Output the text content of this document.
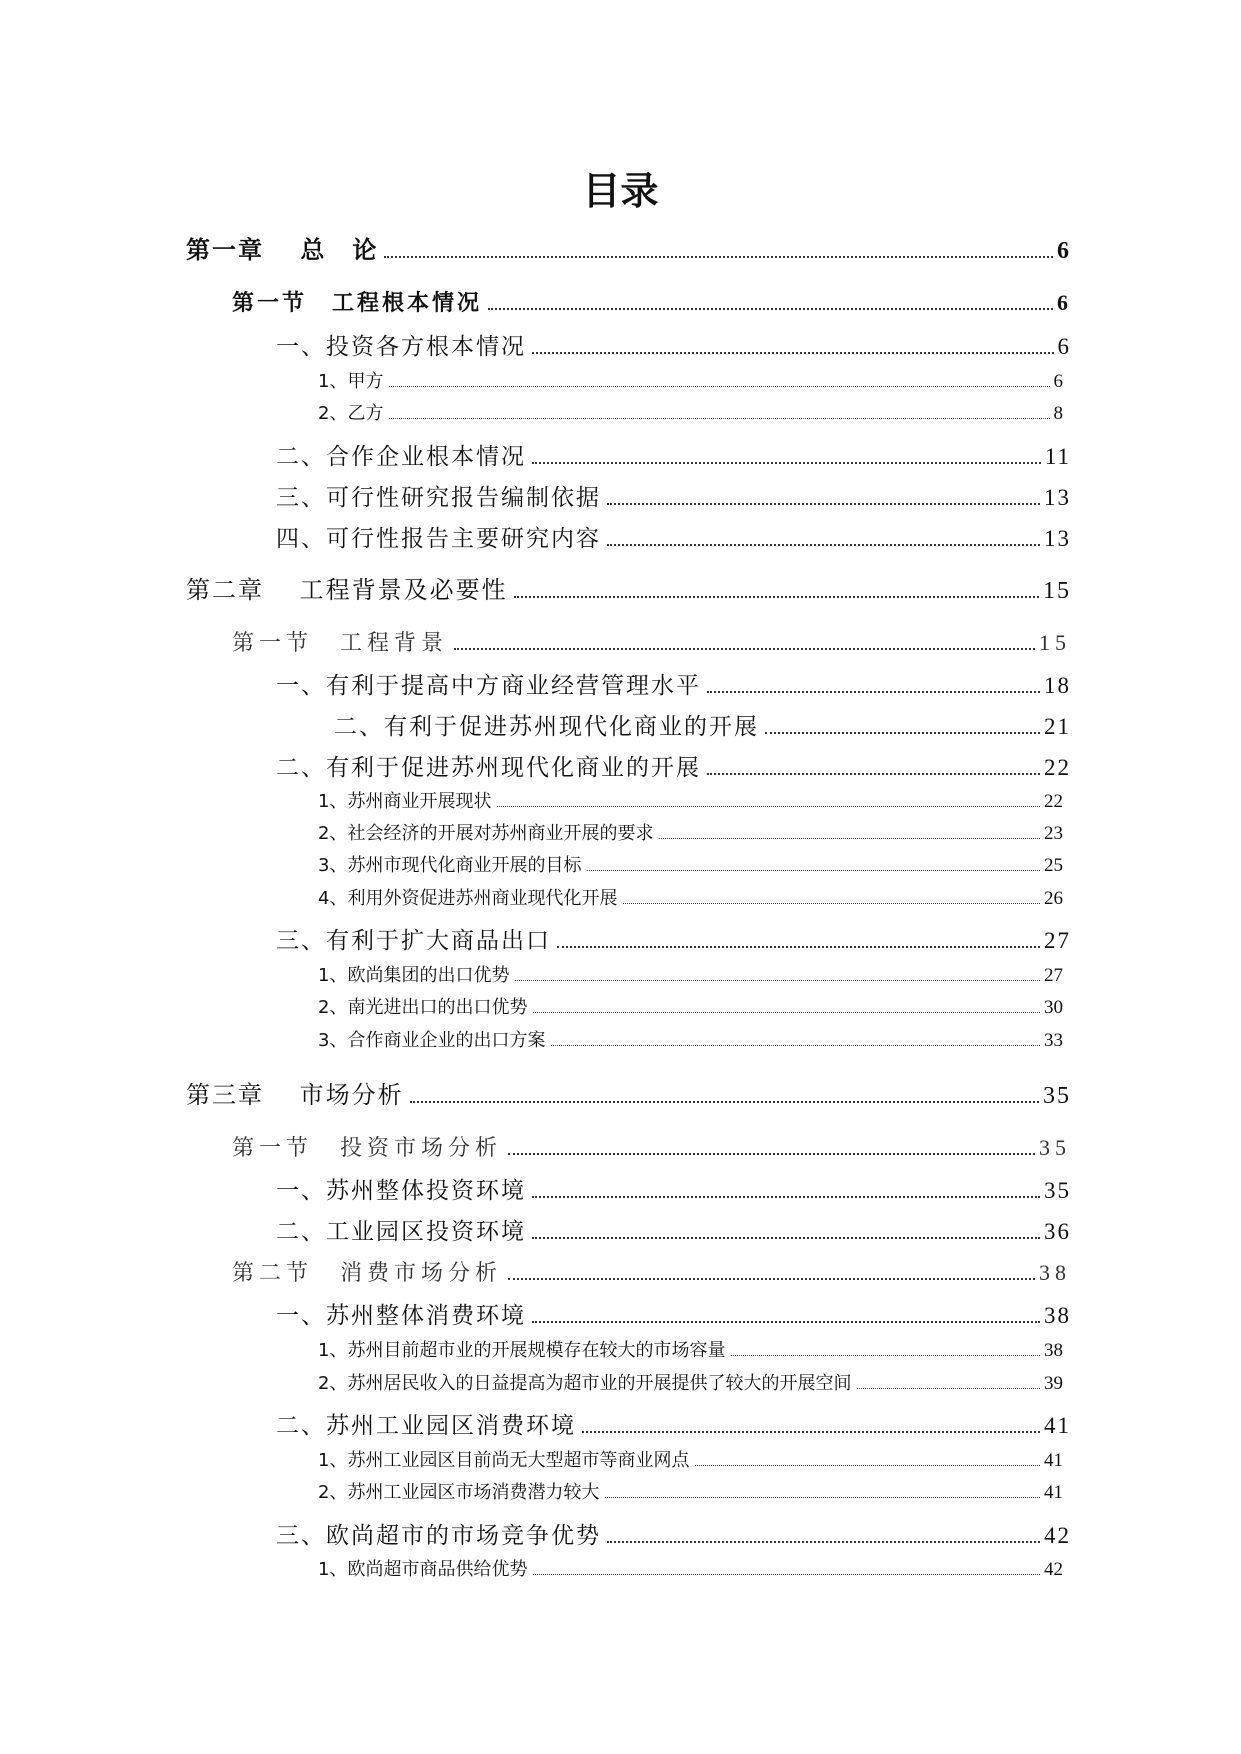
目录
第一章　 总　论	6
第一节　工程根本情况	6
一、投资各方根本情况	6
1、甲方	6
2、乙方	8
二、合作企业根本情况	11
三、可行性研究报告编制依据	13
四、可行性报告主要研究内容	13
第二章　 工程背景及必要性	15
第一节　工程背景	15
一、有利于提高中方商业经营管理水平	18
二、有利于促进苏州现代化商业的开展	21
二、有利于促进苏州现代化商业的开展	22
1、苏州商业开展现状	22
2、社会经济的开展对苏州商业开展的要求	23
3、苏州市现代化商业开展的目标	25
4、利用外资促进苏州商业现代化开展	26
三、有利于扩大商品出口	27
1、欧尚集团的出口优势	27
2、南光进出口的出口优势	30
3、合作商业企业的出口方案	33
第三章　 市场分析	35
第一节　投资市场分析	35
一、苏州整体投资环境	35
二、工业园区投资环境	36
第二节　消费市场分析	38
一、苏州整体消费环境	38
1、苏州目前超市业的开展规模存在较大的市场容量	38
2、苏州居民收入的日益提高为超市业的开展提供了较大的开展空间	39
二、苏州工业园区消费环境	41
1、苏州工业园区目前尚无大型超市等商业网点	41
2、苏州工业园区市场消费潜力较大	41
三、欧尚超市的市场竞争优势	42
1、欧尚超市商品供给优势	42
